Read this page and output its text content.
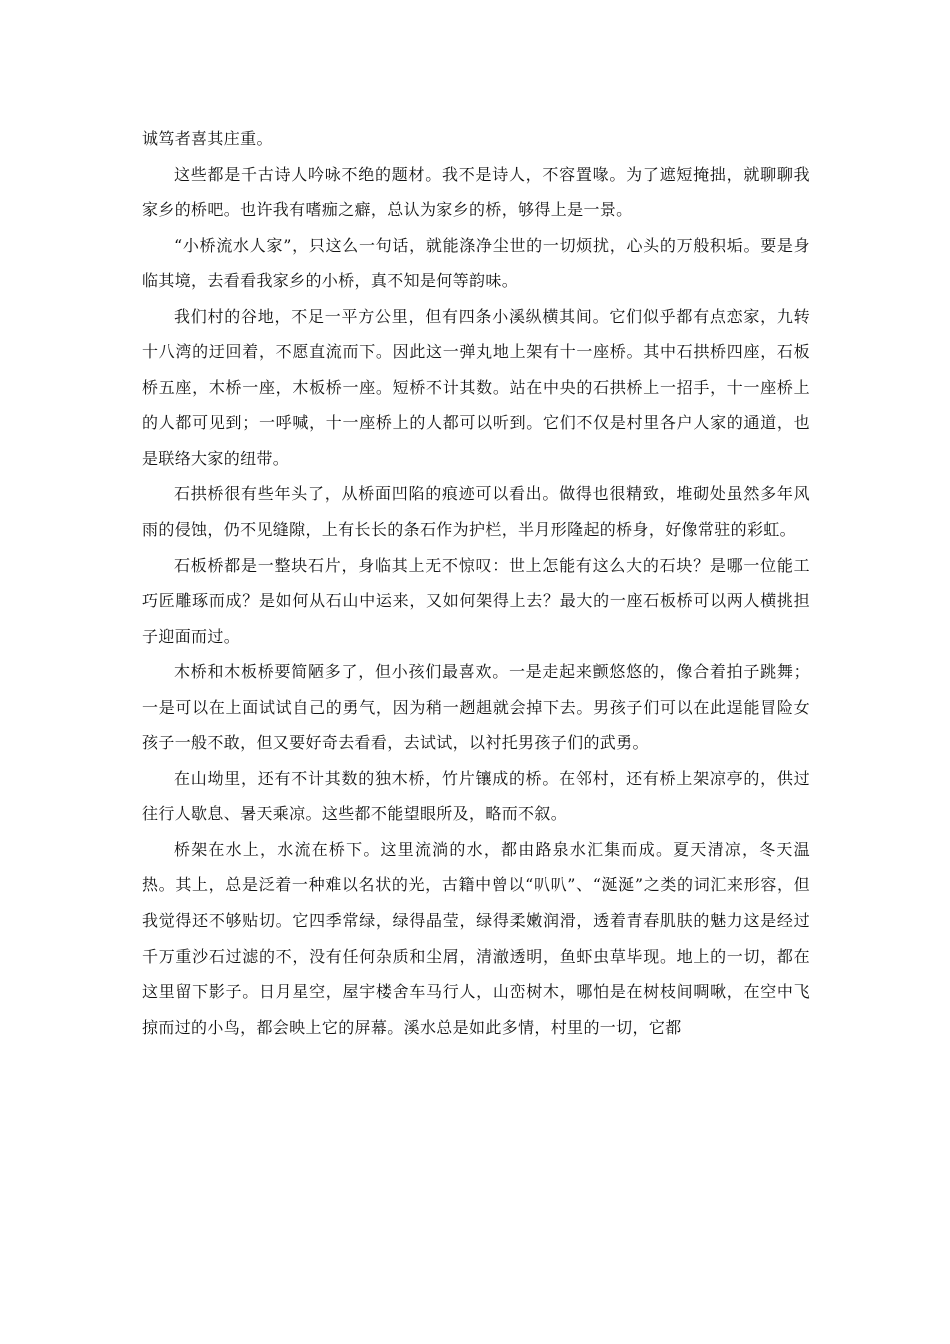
诚笃者喜其庄重。

这些都是千古诗人吟咏不绝的题材。我不是诗人，不容置喙。为了遮短掩拙，就聊聊我家乡的桥吧。也许我有嗜痂之癖，总认为家乡的桥，够得上是一景。

“小桥流水人家”，只这么一句话，就能涤净尘世的一切烦扰，心头的万般积垢。要是身临其境，去看看我家乡的小桥，真不知是何等韵味。

我们村的谷地，不足一平方公里，但有四条小溪纵横其间。它们似乎都有点恋家，九转十八湾的迂回着，不愿直流而下。因此这一弹丸地上架有十一座桥。其中石拱桥四座，石板桥五座，木桥一座，木板桥一座。短桥不计其数。站在中央的石拱桥上一招手，十一座桥上的人都可见到；一呼喊，十一座桥上的人都可以听到。它们不仅是村里各户人家的通道，也是联络大家的纽带。

石拱桥很有些年头了，从桥面凹陷的痕迹可以看出。做得也很精致，堆砌处虽然多年风雨的侵蚀，仍不见缝隙，上有长长的条石作为护栏，半月形隆起的桥身，好像常驻的彩虹。

石板桥都是一整块石片，身临其上无不惊叹：世上怎能有这么大的石块？是哪一位能工巧匠雕琢而成？是如何从石山中运来，又如何架得上去？最大的一座石板桥可以两人横挑担子迎面而过。

木桥和木板桥要简陋多了，但小孩们最喜欢。一是走起来颤悠悠的，像合着拍子跳舞；一是可以在上面试试自己的勇气，因为稍一趔趄就会掉下去。男孩子们可以在此逞能冒险女孩子一般不敢，但又要好奇去看看，去试试，以衬托男孩子们的武勇。

在山坳里，还有不计其数的独木桥，竹片镶成的桥。在邻村，还有桥上架凉亭的，供过往行人歇息、暑天乘凉。这些都不能望眼所及，略而不叙。

桥架在水上，水流在桥下。这里流淌的水，都由路泉水汇集而成。夏天清凉，冬天温热。其上，总是泛着一种难以名状的光，古籍中曾以“叭叭”、“涎涎”之类的词汇来形容，但我觉得还不够贴切。它四季常绿，绿得晶莹，绿得柔嫩润滑，透着青春肌肤的魅力这是经过千万重沙石过滤的不，没有任何杂质和尘屑，清澈透明，鱼虾虫草毕现。地上的一切，都在这里留下影子。日月星空，屋宇楼舍车马行人，山峦树木，哪怕是在树枝间啁啾，在空中飞掠而过的小鸟，都会映上它的屏幕。溪水总是如此多情，村里的一切，它都
